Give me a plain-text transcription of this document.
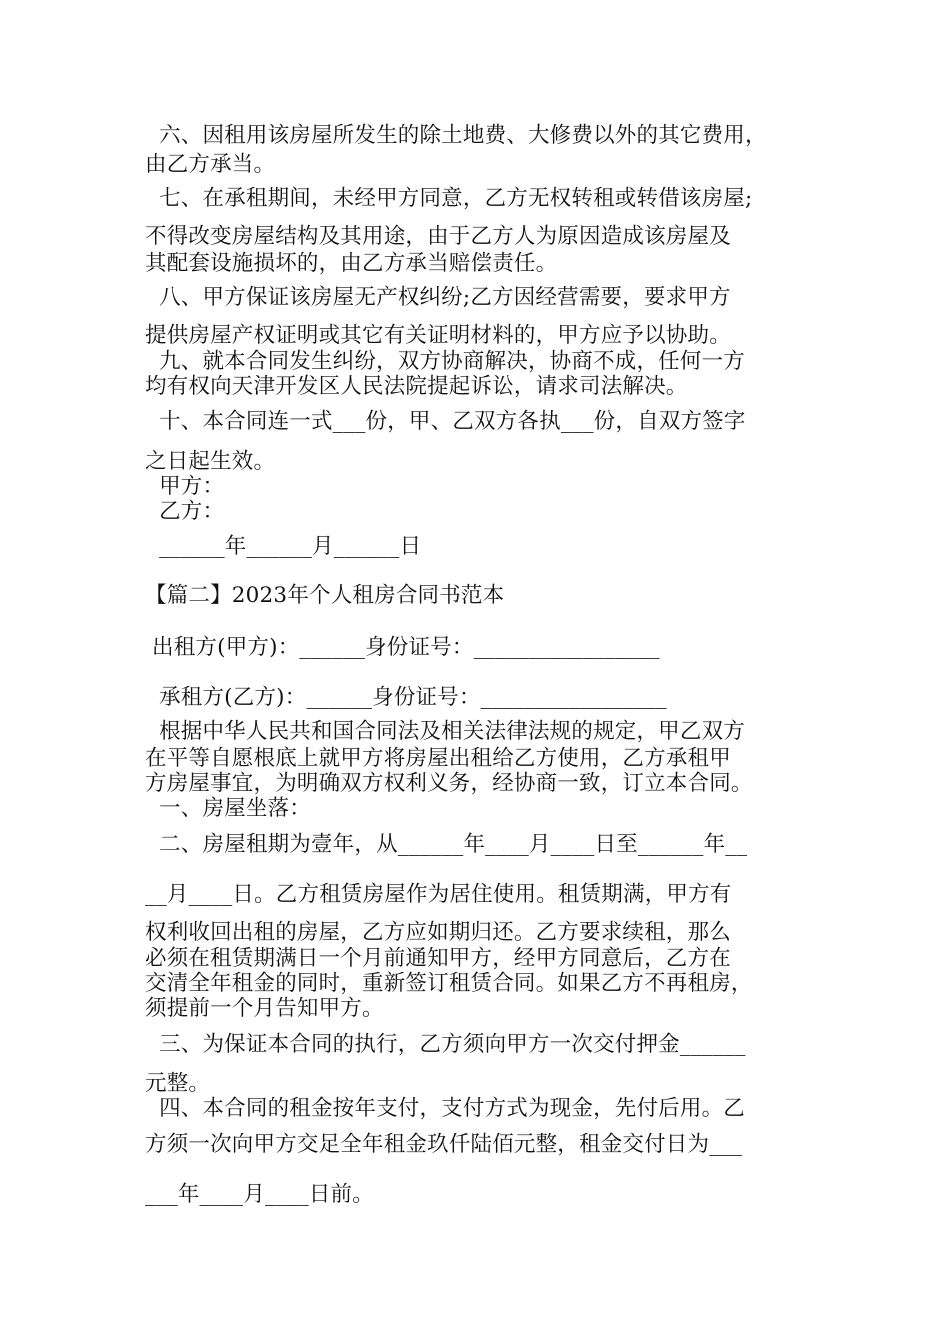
六、因租用该房屋所发生的除土地费、大修费以外的其它费用，
由乙方承当。
七、在承租期间，未经甲方同意，乙方无权转租或转借该房屋;
不得改变房屋结构及其用途，由于乙方人为原因造成该房屋及
其配套设施损坏的，由乙方承当赔偿责任。
八、甲方保证该房屋无产权纠纷;乙方因经营需要，要求甲方
提供房屋产权证明或其它有关证明材料的，甲方应予以协助。
九、就本合同发生纠纷，双方协商解决，协商不成，任何一方
均有权向天津开发区人民法院提起诉讼，请求司法解决。
十、本合同连一式___份，甲、乙双方各执___份，自双方签字
之日起生效。
甲方：
乙方：
______年______月______日
【篇二】2023年个人租房合同书范本
出租方(甲方)：______身份证号：_________________
承租方(乙方)：______身份证号：_________________
根据中华人民共和国合同法及相关法律法规的规定，甲乙双方
在平等自愿根底上就甲方将房屋出租给乙方使用，乙方承租甲
方房屋事宜，为明确双方权利义务，经协商一致，订立本合同。
一、房屋坐落：
二、房屋租期为壹年，从______年____月____日至______年__
__月____日。乙方租赁房屋作为居住使用。租赁期满，甲方有
权利收回出租的房屋，乙方应如期归还。乙方要求续租，那么
必须在租赁期满日一个月前通知甲方，经甲方同意后，乙方在
交清全年租金的同时，重新签订租赁合同。如果乙方不再租房，
须提前一个月告知甲方。
三、为保证本合同的执行，乙方须向甲方一次交付押金______
元整。
四、本合同的租金按年支付，支付方式为现金，先付后用。乙
方须一次向甲方交足全年租金玖仟陆佰元整，租金交付日为___
___年____月____日前。
